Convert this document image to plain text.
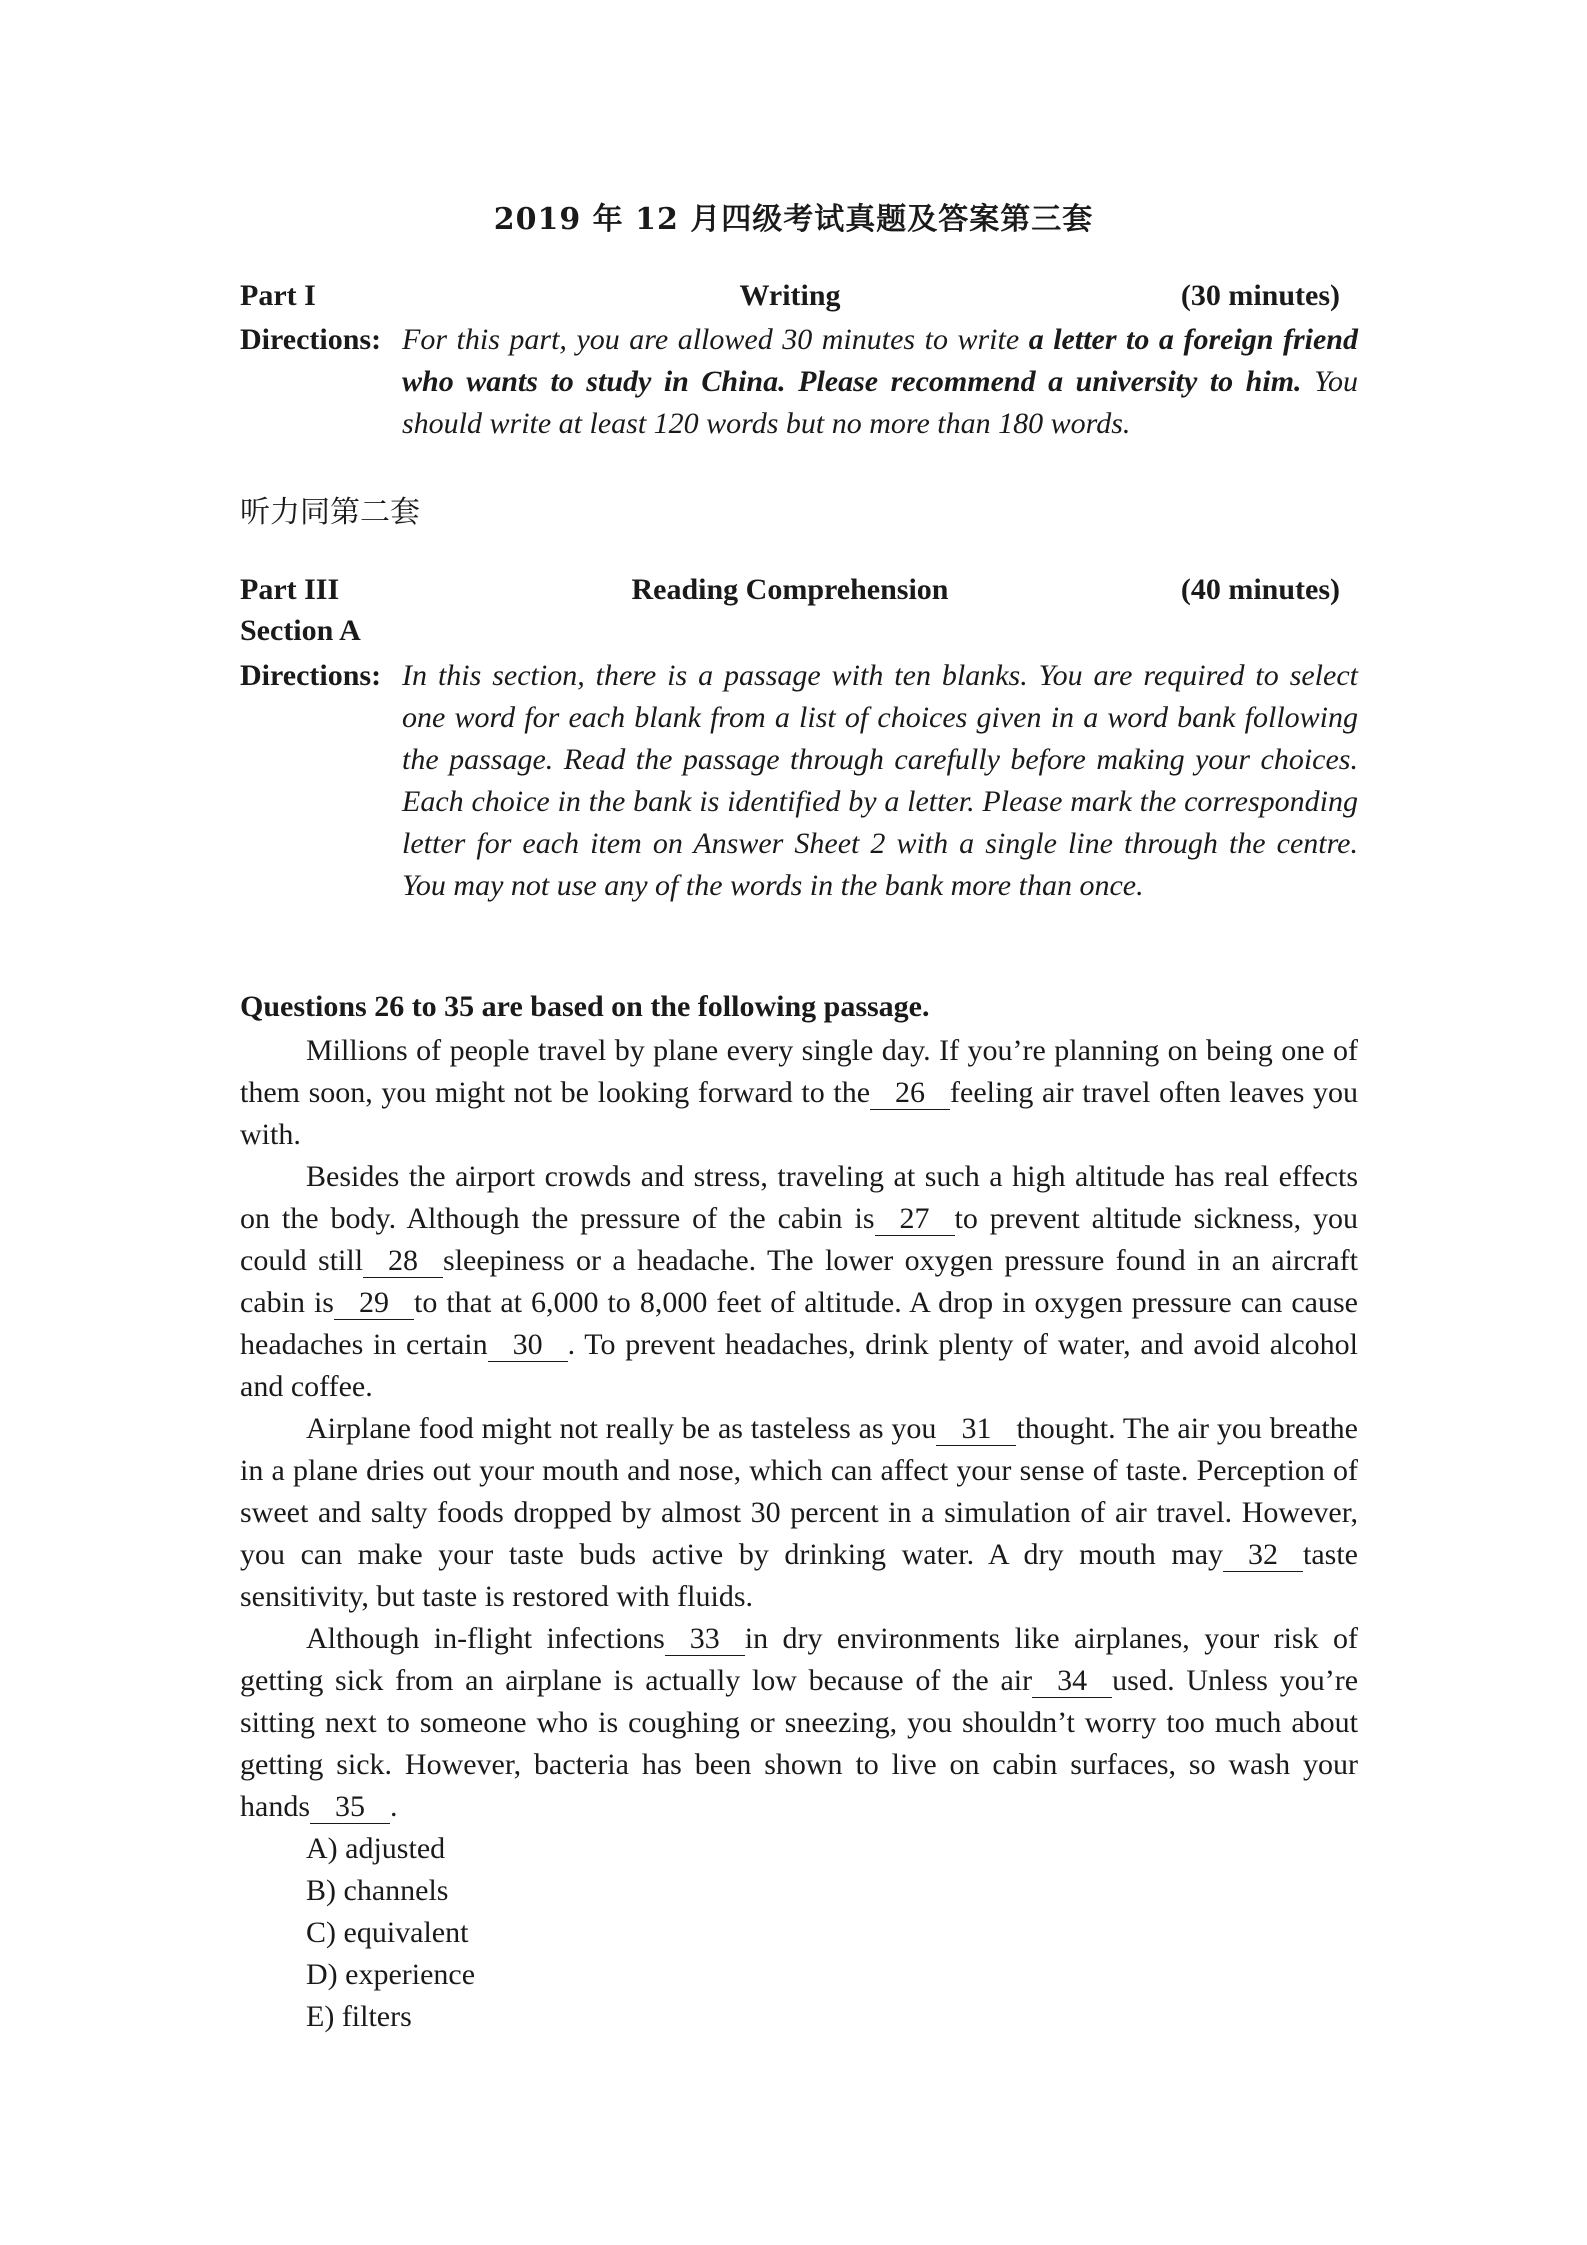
2019 年 12 月四级考试真题及答案第三套
Part I	Writing	(30 minutes)
Directions: For this part, you are allowed 30 minutes to write a letter to a foreign friend who wants to study in China. Please recommend a university to him. You should write at least 120 words but no more than 180 words.
听力同第二套
Part III	Reading Comprehension	(40 minutes)
Section A
Directions: In this section, there is a passage with ten blanks. You are required to select one word for each blank from a list of choices given in a word bank following the passage. Read the passage through carefully before making your choices. Each choice in the bank is identified by a letter. Please mark the corresponding letter for each item on Answer Sheet 2 with a single line through the centre. You may not use any of the words in the bank more than once.
Questions 26 to 35 are based on the following passage.

Millions of people travel by plane every single day. If you’re planning on being one of them soon, you might not be looking forward to the 26 feeling air travel often leaves you with.

Besides the airport crowds and stress, traveling at such a high altitude has real effects on the body. Although the pressure of the cabin is 27 to prevent altitude sickness, you could still 28 sleepiness or a headache. The lower oxygen pressure found in an aircraft cabin is 29 to that at 6,000 to 8,000 feet of altitude. A drop in oxygen pressure can cause headaches in certain 30 . To prevent headaches, drink plenty of water, and avoid alcohol and coffee.

Airplane food might not really be as tasteless as you 31 thought. The air you breathe in a plane dries out your mouth and nose, which can affect your sense of taste. Perception of sweet and salty foods dropped by almost 30 percent in a simulation of air travel. However, you can make your taste buds active by drinking water. A dry mouth may 32 taste sensitivity, but taste is restored with fluids.

Although in-flight infections 33 in dry environments like airplanes, your risk of getting sick from an airplane is actually low because of the air 34 used. Unless you’re sitting next to someone who is coughing or sneezing, you shouldn’t worry too much about getting sick. However, bacteria has been shown to live on cabin surfaces, so wash your hands 35 .

A) adjusted
B) channels
C) equivalent
D) experience
E) filters
